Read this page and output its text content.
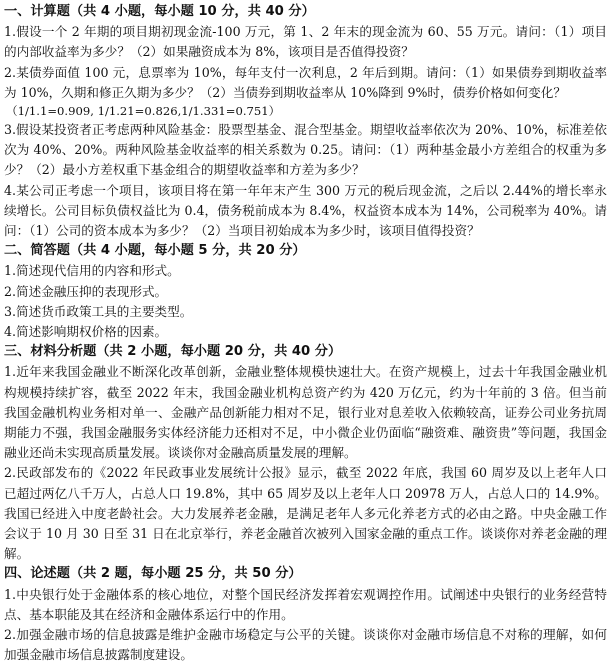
一、计算题（共 4 小题，每小题 10 分，共 40 分）

1.假设一个 2 年期的项目期初现金流-100 万元，第 1、2 年末的现金流为 60、55 万元。请问：（1）项目的内部收益率为多少？（2）如果融资成本为 8%，该项目是否值得投资？

2.某债券面值 100 元，息票率为 10%，每年支付一次利息，2 年后到期。请问：（1）如果债券到期收益率为 10%，久期和修正久期为多少？（2）当债券到期收益率从 10%降到 9%时，债券价格如何变化？

（1/1.1=0.909, 1/1.21=0.826,1/1.331=0.751）

3.假设某投资者正考虑两种风险基金：股票型基金、混合型基金。期望收益率依次为 20%、10%，标准差依次为 40%、20%。两种风险基金收益率的相关系数为 0.25。请问：（1）两种基金最小方差组合的权重为多少？（2）最小方差权重下基金组合的期望收益率和方差为多少？

4.某公司正考虑一个项目，该项目将在第一年年末产生 300 万元的税后现金流，之后以 2.44%的增长率永续增长。公司目标负债权益比为 0.4，债务税前成本为 8.4%，权益资本成本为 14%，公司税率为 40%。请问：（1）公司的资本成本为多少？（2）当项目初始成本为多少时，该项目值得投资？

二、简答题（共 4 小题，每小题 5 分，共 20 分）

1.简述现代信用的内容和形式。

2.简述金融压抑的表现形式。

3.简述货币政策工具的主要类型。

4.简述影响期权价格的因素。

三、材料分析题（共 2 小题，每小题 20 分，共 40 分）

1.近年来我国金融业不断深化改革创新，金融业整体规模快速壮大。在资产规模上，过去十年我国金融业机构规模持续扩容，截至 2022 年末，我国金融业机构总资产约为 420 万亿元，约为十年前的 3 倍。但当前我国金融机构业务相对单一、金融产品创新能力相对不足，银行业对息差收入依赖较高，证券公司业务抗周期能力不强，我国金融服务实体经济能力还相对不足，中小微企业仍面临“融资难、融资贵”等问题，我国金融业还尚未实现高质量发展。谈谈你对金融高质量发展的理解。

2.民政部发布的《2022 年民政事业发展统计公报》显示，截至 2022 年底，我国 60 周岁及以上老年人口已超过两亿八千万人，占总人口 19.8%，其中 65 周岁及以上老年人口 20978 万人，占总人口的 14.9%。我国已经进入中度老龄社会。大力发展养老金融，是满足老年人多元化养老方式的必由之路。中央金融工作会议于 10 月 30 日至 31 日在北京举行，养老金融首次被列入国家金融的重点工作。谈谈你对养老金融的理解。

四、论述题（共 2 题，每小题 25 分，共 50 分）

1.中央银行处于金融体系的核心地位，对整个国民经济发挥着宏观调控作用。试阐述中央银行的业务经营特点、基本职能及其在经济和金融体系运行中的作用。

2.加强金融市场的信息披露是维护金融市场稳定与公平的关键。谈谈你对金融市场信息不对称的理解，如何加强金融市场信息披露制度建设。
